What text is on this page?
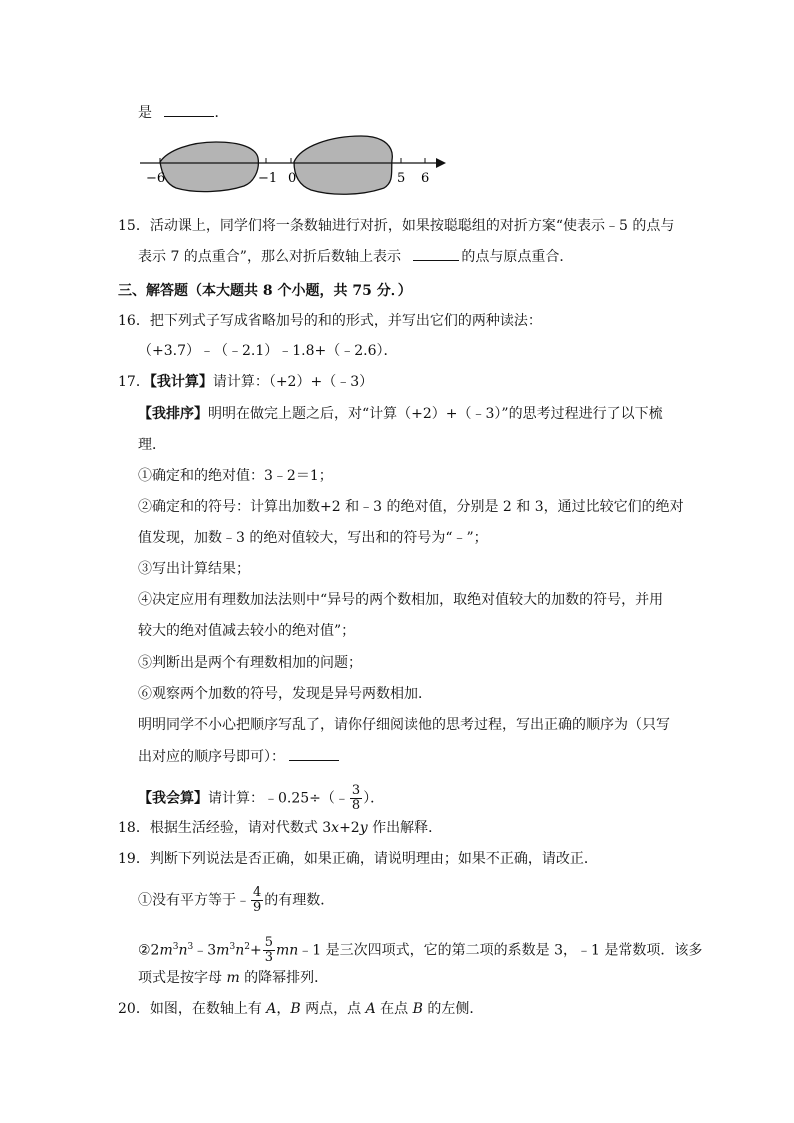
是	．
−6	−1 0	5 6
15．活动课上，同学们将一条数轴进行对折，如果按聪聪组的对折方案“使表示﹣5 的点与
表示 7 的点重合”，那么对折后数轴上表示	的点与原点重合．
三、解答题（本大题共 8 个小题，共 75 分．）
16．把下列式子写成省略加号的和的形式，并写出它们的两种读法：
（+3.7）﹣（﹣2.1）﹣1.8+（﹣2.6）．
17．【我计算】请计算：（+2）+（﹣3）
【我排序】明明在做完上题之后，对“计算（+2）+（﹣3）”的思考过程进行了以下梳
理．
①确定和的绝对值：3﹣2＝1；
②确定和的符号：计算出加数+2 和﹣3 的绝对值，分别是 2 和 3，通过比较它们的绝对
值发现，加数﹣3 的绝对值较大，写出和的符号为“﹣”；
③写出计算结果；
④决定应用有理数加法法则中“异号的两个数相加，取绝对值较大的加数的符号，并用
较大的绝对值减去较小的绝对值”；
⑤判断出是两个有理数相加的问题；
⑥观察两个加数的符号，发现是异号两数相加．
明明同学不小心把顺序写乱了，请你仔细阅读他的思考过程，写出正确的顺序为（只写
出对应的顺序号即可）：
【我会算】请计算：﹣0.25÷（﹣ $\frac{3}{8}$ ）．
18．根据生活经验，请对代数式 3x+2y 作出解释．
19．判断下列说法是否正确，如果正确，请说明理由；如果不正确，请改正．
①没有平方等于﹣ $\frac{4}{9}$ 的有理数．
$②2m^3n^3﹣3m^3n^2+ \frac{5}{3}$ mn﹣1 是三次四项式，它的第二项的系数是 3，﹣1 是常数项．该多
项式是按字母 m 的降幂排列．
20．如图，在数轴上有 A，B 两点，点 A 在点 B 的左侧．
